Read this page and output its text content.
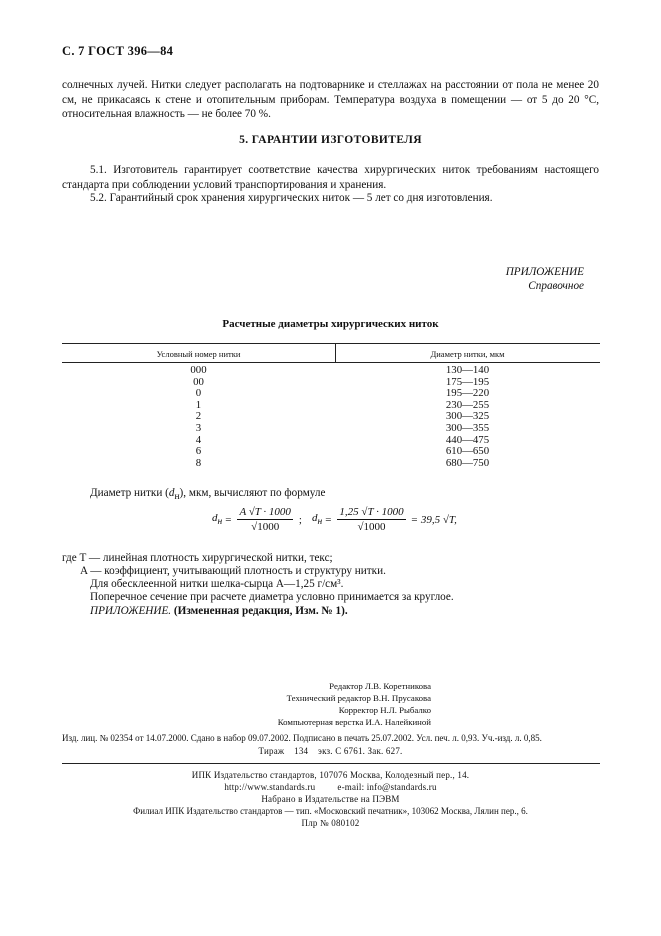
С. 7 ГОСТ 396—84
солнечных лучей. Нитки следует располагать на подтоварнике и стеллажах на расстоянии от пола не менее 20 см, не прикасаясь к стене и отопительным приборам. Температура воздуха в помещении — от 5 до 20 °С, относительная влажность — не более 70 %.
5. ГАРАНТИИ ИЗГОТОВИТЕЛЯ
5.1. Изготовитель гарантирует соответствие качества хирургических ниток требованиям настоящего стандарта при соблюдении условий транспортирования и хранения.
5.2. Гарантийный срок хранения хирургических ниток — 5 лет со дня изготовления.
ПРИЛОЖЕНИЕ
Справочное
Расчетные диаметры хирургических ниток
Условный номер нитки	Диаметр нитки, мкм
000	130—140
00	175—195
0	195—220
1	230—255
2	300—325
3	300—355
4	440—475
6	610—650
8	680—750
Диаметр нитки $(d_н)$, мкм, вычисляют по формуле
$d_н = \frac{A √T \cdot 1000}{√1000}$ ; $d_н = \frac{1,25 √T \cdot 1000}{√1000} = 39,5$ √T,
где T — линейная плотность хирургической нитки, текс;
A — коэффициент, учитывающий плотность и структуру нитки.
Для обесклеенной нитки шелка-сырца A—1,25 г/см³.
Поперечное сечение при расчете диаметра условно принимается за круглое.
ПРИЛОЖЕНИЕ. (Измененная редакция, Изм. № 1).
Редактор Л.В. Коретникова
Технический редактор В.Н. Прусакова
Корректор Н.Л. Рыбалко
Компьютерная верстка И.А. Налейкиной
Изд. лиц. № 02354 от 14.07.2000. Сдано в набор 09.07.2002. Подписано в печать 25.07.2002. Усл. печ. л. 0,93. Уч.-изд. л. 0,85.
Тираж    134    экз. С 6761. Зак. 627.
ИПК Издательство стандартов, 107076 Москва, Колодезный пер., 14.
http://www.standards.ru         e-mail: info@standards.ru
Набрано в Издательстве на ПЭВМ
Филиал ИПК Издательство стандартов — тип. «Московский печатник», 103062 Москва, Лялин пер., 6.
Плр № 080102
